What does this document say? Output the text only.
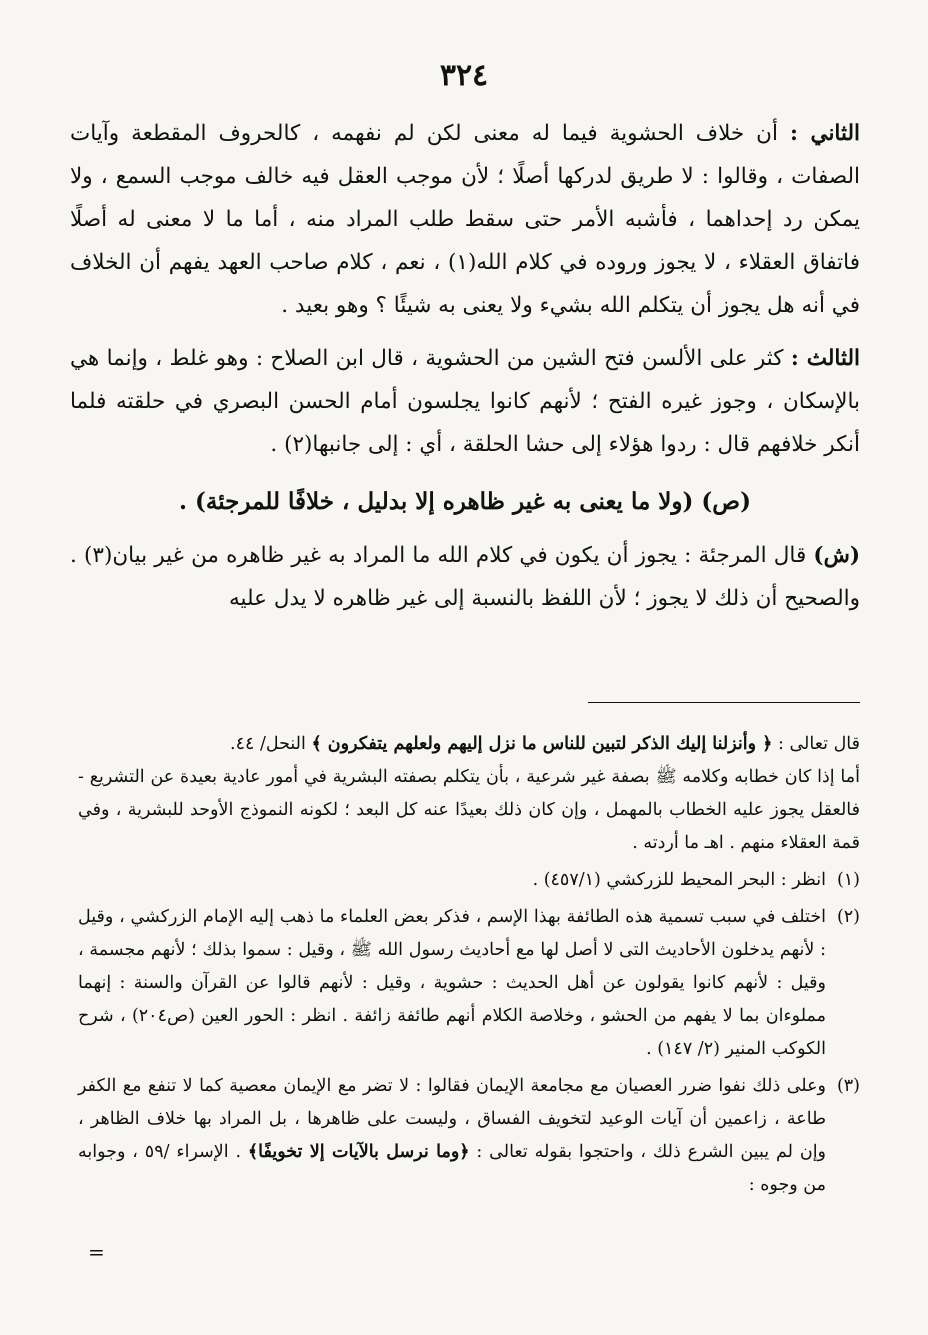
٣٢٤

الثاني : أن خلاف الحشوية فيما له معنى لكن لم نفهمه ، كالحروف المقطعة وآيات الصفات ، وقالوا : لا طريق لدركها أصلًا ؛ لأن موجب العقل فيه خالف موجب السمع ، ولا يمكن رد إحداهما ، فأشبه الأمر حتى سقط طلب المراد منه ، أما ما لا معنى له أصلًا فاتفاق العقلاء ، لا يجوز وروده في كلام الله(١) ، نعم ، كلام صاحب العهد يفهم أن الخلاف في أنه هل يجوز أن يتكلم الله بشيء ولا يعنى به شيئًا ؟ وهو بعيد .

الثالث : كثر على الألسن فتح الشين من الحشوية ، قال ابن الصلاح : وهو غلط ، وإنما هي بالإسكان ، وجوز غيره الفتح ؛ لأنهم كانوا يجلسون أمام الحسن البصري في حلقته فلما أنكر خلافهم قال : ردوا هؤلاء إلى حشا الحلقة ، أي : إلى جانبها(٢) .

(ص) (ولا ما يعنى به غير ظاهره إلا بدليل ، خلافًا للمرجئة) .

(ش) قال المرجئة : يجوز أن يكون في كلام الله ما المراد به غير ظاهره من غير بيان(٣) . والصحيح أن ذلك لا يجوز ؛ لأن اللفظ بالنسبة إلى غير ظاهره لا يدل عليه

قال تعالى : ﴿ وأنزلنا إليك الذكر لتبين للناس ما نزل إليهم ولعلهم يتفكرون ﴾ النحل/ ٤٤.

أما إذا كان خطابه وكلامه ﷺ بصفة غير شرعية ، بأن يتكلم بصفته البشرية في أمور عادية بعيدة عن التشريع - فالعقل يجوز عليه الخطاب بالمهمل ، وإن كان ذلك بعيدًا عنه كل البعد ؛ لكونه النموذج الأوحد للبشرية ، وفي قمة العقلاء منهم . اهـ ما أردته .

(١)
انظر : البحر المحيط للزركشي (٤٥٧/١) .

(٢)
اختلف في سبب تسمية هذه الطائفة بهذا الإسم ، فذكر بعض العلماء ما ذهب إليه الإمام الزركشي ، وقيل : لأنهم يدخلون الأحاديث التى لا أصل لها مع أحاديث رسول الله ﷺ ، وقيل : سموا بذلك ؛ لأنهم مجسمة ، وقيل : لأنهم كانوا يقولون عن أهل الحديث : حشوية ، وقيل : لأنهم قالوا عن القرآن والسنة : إنهما مملوءان بما لا يفهم من الحشو ، وخلاصة الكلام أنهم طائفة زائفة . انظر : الحور العين (ص٢٠٤) ، شرح الكوكب المنير (٢/ ١٤٧) .

(٣)
وعلى ذلك نفوا ضرر العصيان مع مجامعة الإيمان فقالوا : لا تضر مع الإيمان معصية كما لا تنفع مع الكفر طاعة ، زاعمين أن آيات الوعيد لتخويف الفساق ، وليست على ظاهرها ، بل المراد بها خلاف الظاهر ، وإن لم يبين الشرع ذلك ، واحتجوا بقوله تعالى : ﴿وما نرسل بالآيات إلا تخويفًا﴾ . الإسراء /٥٩ ، وجوابه من وجوه :

=
